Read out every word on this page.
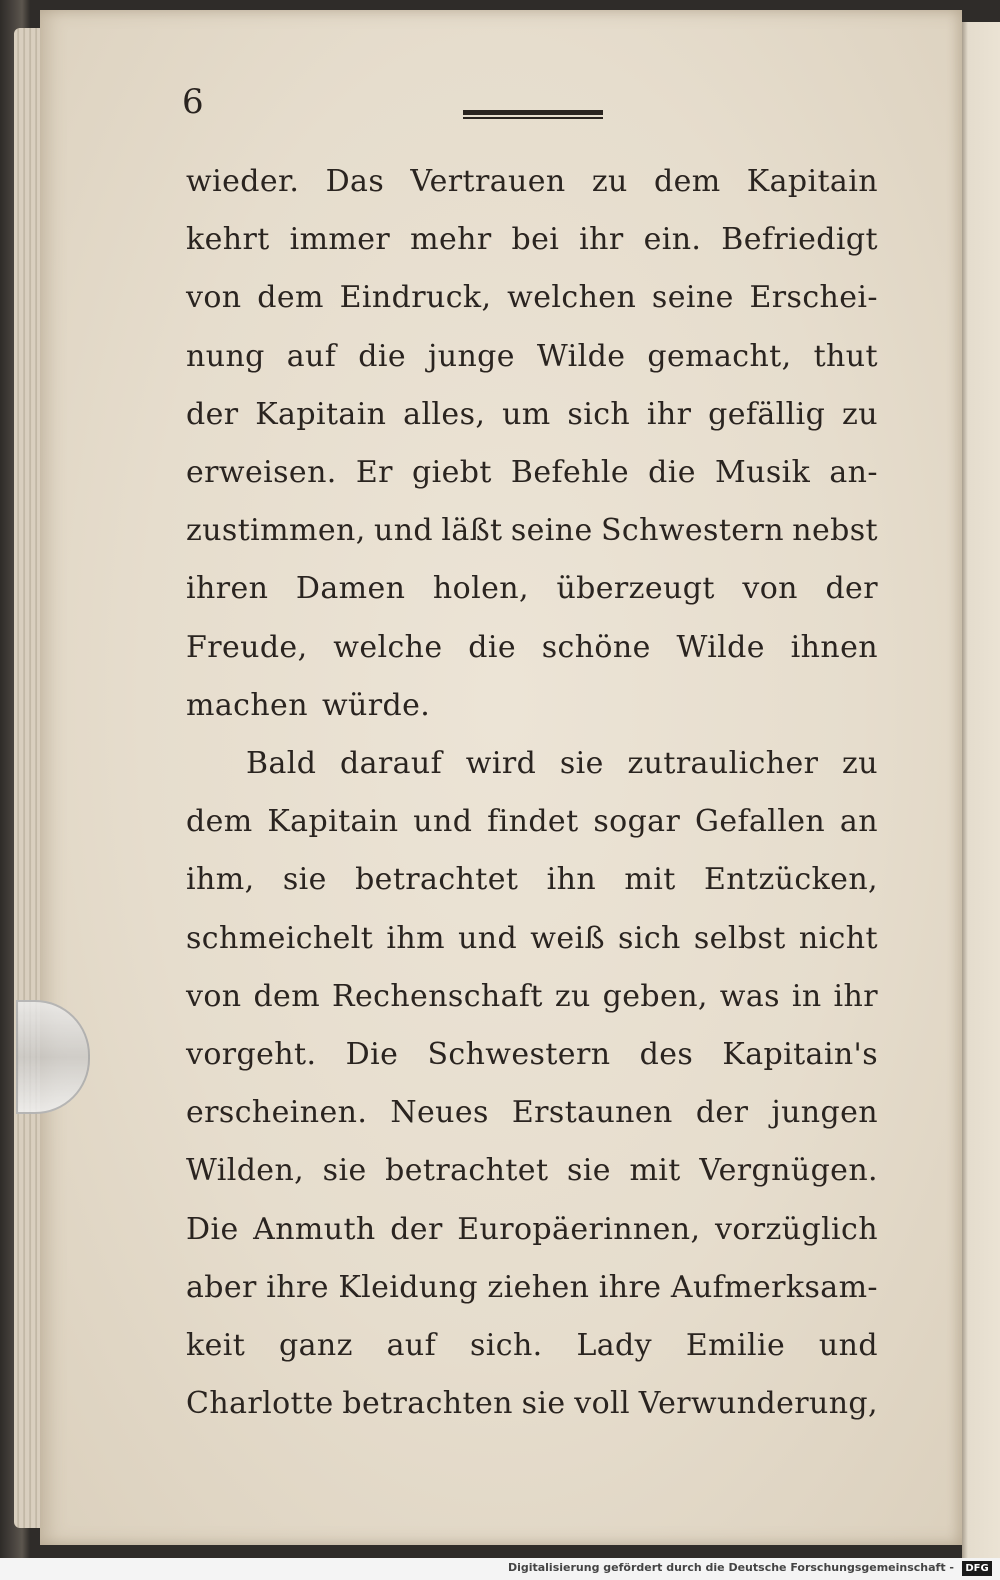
6
wieder. Das Vertrauen zu dem Kapitain
kehrt immer mehr bei ihr ein. Befriedigt
von dem Eindruck, welchen seine Erschei-
nung auf die junge Wilde gemacht, thut
der Kapitain alles, um sich ihr gefällig zu
erweisen. Er giebt Befehle die Musik an-
zustimmen, und läßt seine Schwestern nebst
ihren Damen holen, überzeugt von der
Freude, welche die schöne Wilde ihnen
machen würde.
Bald darauf wird sie zutraulicher zu
dem Kapitain und findet sogar Gefallen an
ihm, sie betrachtet ihn mit Entzücken,
schmeichelt ihm und weiß sich selbst nicht
von dem Rechenschaft zu geben, was in ihr
vorgeht. Die Schwestern des Kapitain's
erscheinen. Neues Erstaunen der jungen
Wilden, sie betrachtet sie mit Vergnügen.
Die Anmuth der Europäerinnen, vorzüglich
aber ihre Kleidung ziehen ihre Aufmerksam-
keit ganz auf sich. Lady Emilie und
Charlotte betrachten sie voll Verwunderung,
Digitalisierung gefördert durch die Deutsche Forschungsgemeinschaft -	DFG
